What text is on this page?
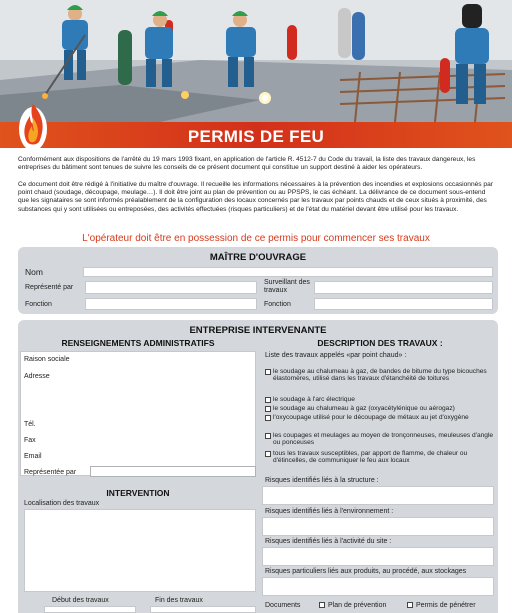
PERMIS DE FEU
Conformément aux dispositions de l'arrêté du 19 mars 1993 fixant, en application de l'article R. 4512-7 du Code du travail, la liste des travaux dangereux, les entreprises du bâtiment sont tenues de suivre les conseils de ce présent document qui constitue un support destiné à aider les opérateurs.
Ce document doit être rédigé à l'initiative du maître d'ouvrage. Il recueille les informations nécessaires à la prévention des incendies et explosions occasionnés par point chaud (soudage, découpage, meulage…). Il doit être joint au plan de prévention ou au PPSPS, le cas échéant. La délivrance de ce document sous-entend que les signataires se sont informés préalablement de la configuration des locaux concernés par les travaux par points chauds et de ceux situés à proximité, des substances qui y sont utilisées ou entreposées, des activités effectuées (risques particuliers) et de l'état du matériel devant être utilisé pour les travaux.
L'opérateur doit être en possession de ce permis pour commencer ses travaux
MAÎTRE D'OUVRAGE
Nom
Représenté par
Surveillant des travaux
Fonction	Fonction
ENTREPRISE INTERVENANTE
RENSEIGNEMENTS ADMINISTRATIFS
Raison sociale
Adresse
Tél.
Fax
Email
Représentée par
INTERVENTION
Localisation des travaux
Début des travaux	Fin des travaux
DESCRIPTION DES TRAVAUX :
Liste des travaux appelés «par point chaud» :
le soudage au chalumeau à gaz, de bandes de bitume du type bicouches élastomères, utilisé dans les travaux d'étanchéité de toitures
le soudage à l'arc électrique
le soudage au chalumeau à gaz (oxyacétylénique ou aérogaz)
l'oxycoupage utilisé pour le découpage de métaux au jet d'oxygène
les coupages et meulages au moyen de tronçonneuses, meuleuses d'angle ou ponceuses
tous les travaux susceptibles, par apport de flamme, de chaleur ou d'étincelles, de communiquer le feu aux locaux
Risques identifiés liés à la structure :
Risques identifiés liés à l'environnement :
Risques identifiés liés à l'activité du site :
Risques particuliers liés aux produits, au procédé, aux stockages
Documents	Plan de prévention	Permis de pénétrer
